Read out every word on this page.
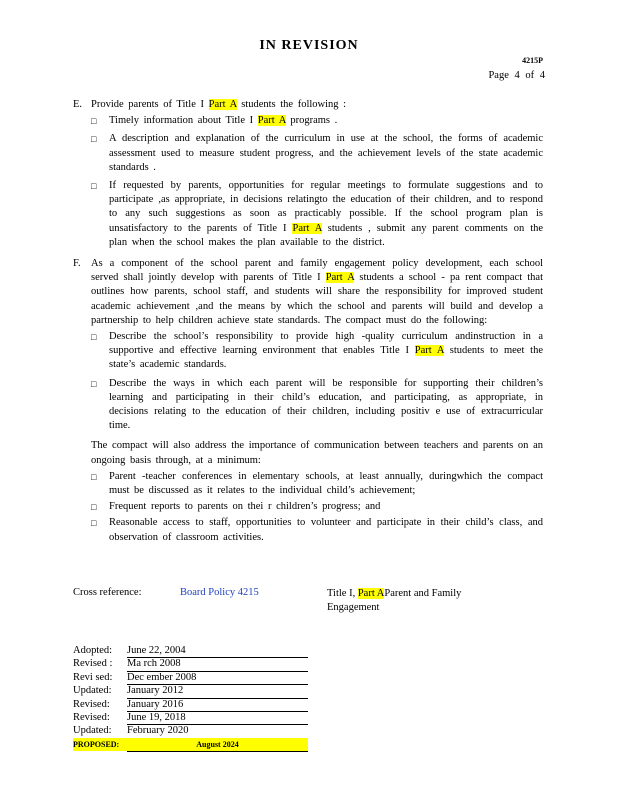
IN REVISION
4215P
Page 4 of 4
E. Provide parents of Title I Part A students the following :
□ Timely information about Title I Part A programs .
□ A description and explanation of the curriculum in use at the school, the forms of academic assessment used to measure student progress, and the achievement levels of the state academic standards .
□ If requested by parents, opportunities for regular meetings to formulate suggestions and to participate ,as appropriate, in decisions relatingto the education of their children, and to respond to any such suggestions as soon as practicably possible. If the school program plan is unsatisfactory to the parents of Title I Part A students , submit any parent comments on the plan when the school makes the plan available to the district.
F. As a component of the school parent and family engagement policy development, each school served shall jointly develop with parents of Title I Part A students a school - pa rent compact that outlines how parents, school staff, and students will share the responsibility for improved student academic achievement ,and the means by which the school and parents will build and develop a partnership to help children achieve state standards. The compact must do the following:
□ Describe the school’s responsibility to provide high -quality curriculum andinstruction in a supportive and effective learning environment that enables Title I Part A students to meet the state’s academic standards.
□ Describe the ways in which each parent will be responsible for supporting their children’s learning and participating in their child’s education, and participating, as appropriate, in decisions relating to the education of their children, including positiv e use of extracurricular time.
The compact will also address the importance of communication between teachers and parents on an ongoing basis through, at a minimum:
□ Parent -teacher conferences in elementary schools, at least annually, duringwhich the compact must be discussed as it relates to the individual child’s achievement;
□ Frequent reports to parents on thei r children’s progress; and
□ Reasonable access to staff, opportunities to volunteer and participate in their child’s class, and observation of classroom activities.
Cross reference:	Board Policy 4215	Title I, Part AParent and Family Engagement
Adopted:	June 22, 2004
Revised :	Ma rch 2008
Revi sed:	Dec ember 2008
Updated:	January 2012
Revised:	January 2016
Revised:	June 19, 2018
Updated:	February 2020
PROPOSED:	August 2024
